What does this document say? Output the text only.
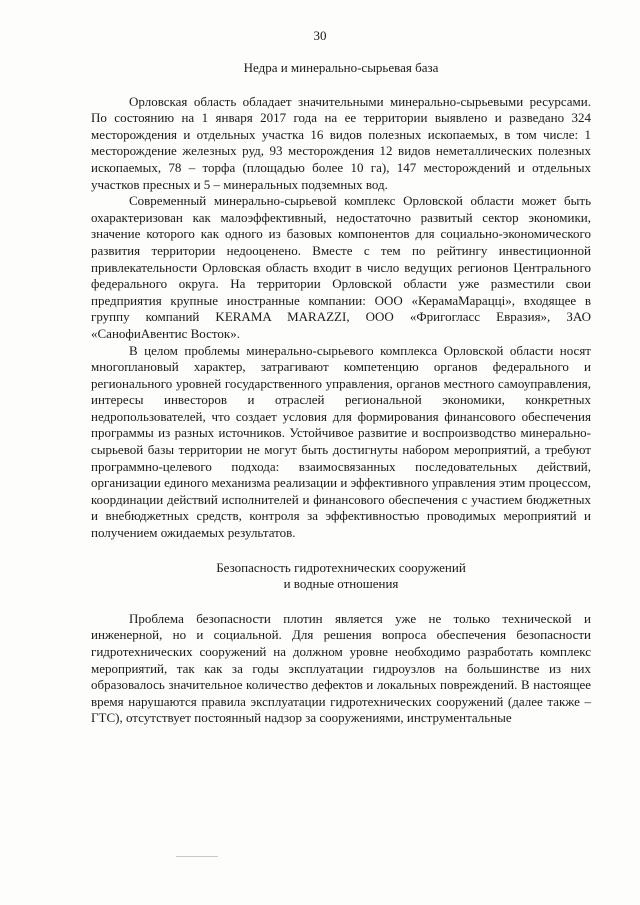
30
Недра и минерально-сырьевая база

Орловская область обладает значительными минерально-сырьевыми ресурсами. По состоянию на 1 января 2017 года на ее территории выявлено и разведано 324 месторождения и отдельных участка 16 видов полезных ископаемых, в том числе: 1 месторождение железных руд, 93 месторождения 12 видов неметаллических полезных ископаемых, 78 – торфа (площадью более 10 га), 147 месторождений и отдельных участков пресных и 5 – минеральных подземных вод.

Современный минерально-сырьевой комплекс Орловской области может быть охарактеризован как малоэффективный, недостаточно развитый сектор экономики, значение которого как одного из базовых компонентов для социально-экономического развития территории недооценено. Вместе с тем по рейтингу инвестиционной привлекательности Орловская область входит в число ведущих регионов Центрального федерального округа. На территории Орловской области уже разместили свои предприятия крупные иностранные компании: ООО «КерамаМараццi», входящее в группу компаний KERAMA MARAZZI, ООО «Фригогласс Евразия», ЗАО «СанофиАвентис Восток».

В целом проблемы минерально-сырьевого комплекса Орловской области носят многоплановый характер, затрагивают компетенцию органов федерального и регионального уровней государственного управления, органов местного самоуправления, интересы инвесторов и отраслей региональной экономики, конкретных недропользователей, что создает условия для формирования финансового обеспечения программы из разных источников. Устойчивое развитие и воспроизводство минерально-сырьевой базы территории не могут быть достигнуты набором мероприятий, а требуют программно-целевого подхода: взаимосвязанных последовательных действий, организации единого механизма реализации и эффективного управления этим процессом, координации действий исполнителей и финансового обеспечения с участием бюджетных и внебюджетных средств, контроля за эффективностью проводимых мероприятий и получением ожидаемых результатов.

Безопасность гидротехнических сооружений
и водные отношения

Проблема безопасности плотин является уже не только технической и инженерной, но и социальной. Для решения вопроса обеспечения безопасности гидротехнических сооружений на должном уровне необходимо разработать комплекс мероприятий, так как за годы эксплуатации гидроузлов на большинстве из них образовалось значительное количество дефектов и локальных повреждений. В настоящее время нарушаются правила эксплуатации гидротехнических сооружений (далее также – ГТС), отсутствует постоянный надзор за сооружениями, инструментальные
